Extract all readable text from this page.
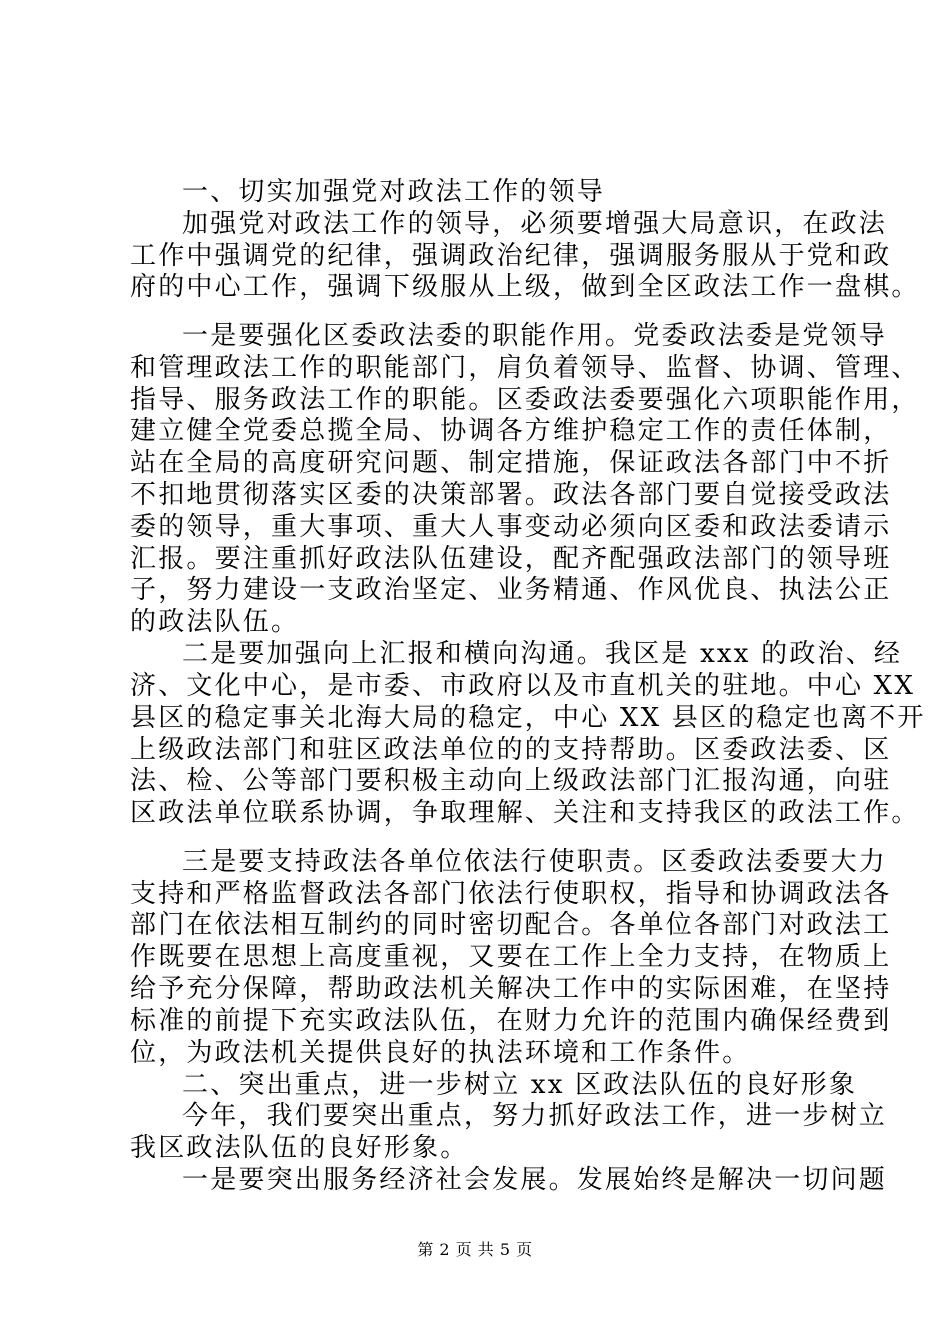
一、切实加强党对政法工作的领导
加强党对政法工作的领导，必须要增强大局意识，在政法
工作中强调党的纪律，强调政治纪律，强调服务服从于党和政
府的中心工作，强调下级服从上级，做到全区政法工作一盘棋。
一是要强化区委政法委的职能作用。党委政法委是党领导
和管理政法工作的职能部门，肩负着领导、监督、协调、管理、
指导、服务政法工作的职能。区委政法委要强化六项职能作用，
建立健全党委总揽全局、协调各方维护稳定工作的责任体制，
站在全局的高度研究问题、制定措施，保证政法各部门中不折
不扣地贯彻落实区委的决策部署。政法各部门要自觉接受政法
委的领导，重大事项、重大人事变动必须向区委和政法委请示
汇报。要注重抓好政法队伍建设，配齐配强政法部门的领导班
子，努力建设一支政治坚定、业务精通、作风优良、执法公正
的政法队伍。
二是要加强向上汇报和横向沟通。我区是 xxx 的政治、经
济、文化中心，是市委、市政府以及市直机关的驻地。中心 XX
县区的稳定事关北海大局的稳定，中心 XX 县区的稳定也离不开
上级政法部门和驻区政法单位的的支持帮助。区委政法委、区
法、检、公等部门要积极主动向上级政法部门汇报沟通，向驻
区政法单位联系协调，争取理解、关注和支持我区的政法工作。
三是要支持政法各单位依法行使职责。区委政法委要大力
支持和严格监督政法各部门依法行使职权，指导和协调政法各
部门在依法相互制约的同时密切配合。各单位各部门对政法工
作既要在思想上高度重视，又要在工作上全力支持，在物质上
给予充分保障，帮助政法机关解决工作中的实际困难，在坚持
标准的前提下充实政法队伍，在财力允许的范围内确保经费到
位，为政法机关提供良好的执法环境和工作条件。
二、突出重点，进一步树立 xx 区政法队伍的良好形象
今年，我们要突出重点，努力抓好政法工作，进一步树立
我区政法队伍的良好形象。
一是要突出服务经济社会发展。发展始终是解决一切问题
第 2 页 共 5 页
